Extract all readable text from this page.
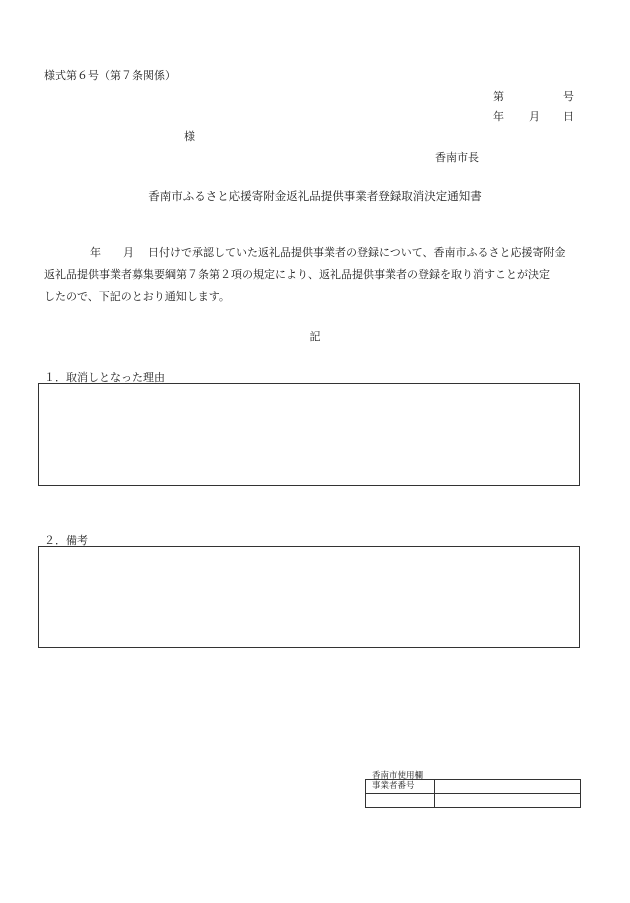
様式第６号（第７条関係）
第	号
年 月 日
様
香南市長
香南市ふるさと応援寄附金返礼品提供事業者登録取消決定通知書
年 月 日付けで承認していた返礼品提供事業者の登録について、香南市ふるさと応援寄附金
返礼品提供事業者募集要綱第７条第２項の規定により、返礼品提供事業者の登録を取り消すことが決定
したので、下記のとおり通知します。
記
１．取消しとなった理由
２．備考
香南市使用欄
事業者番号	
